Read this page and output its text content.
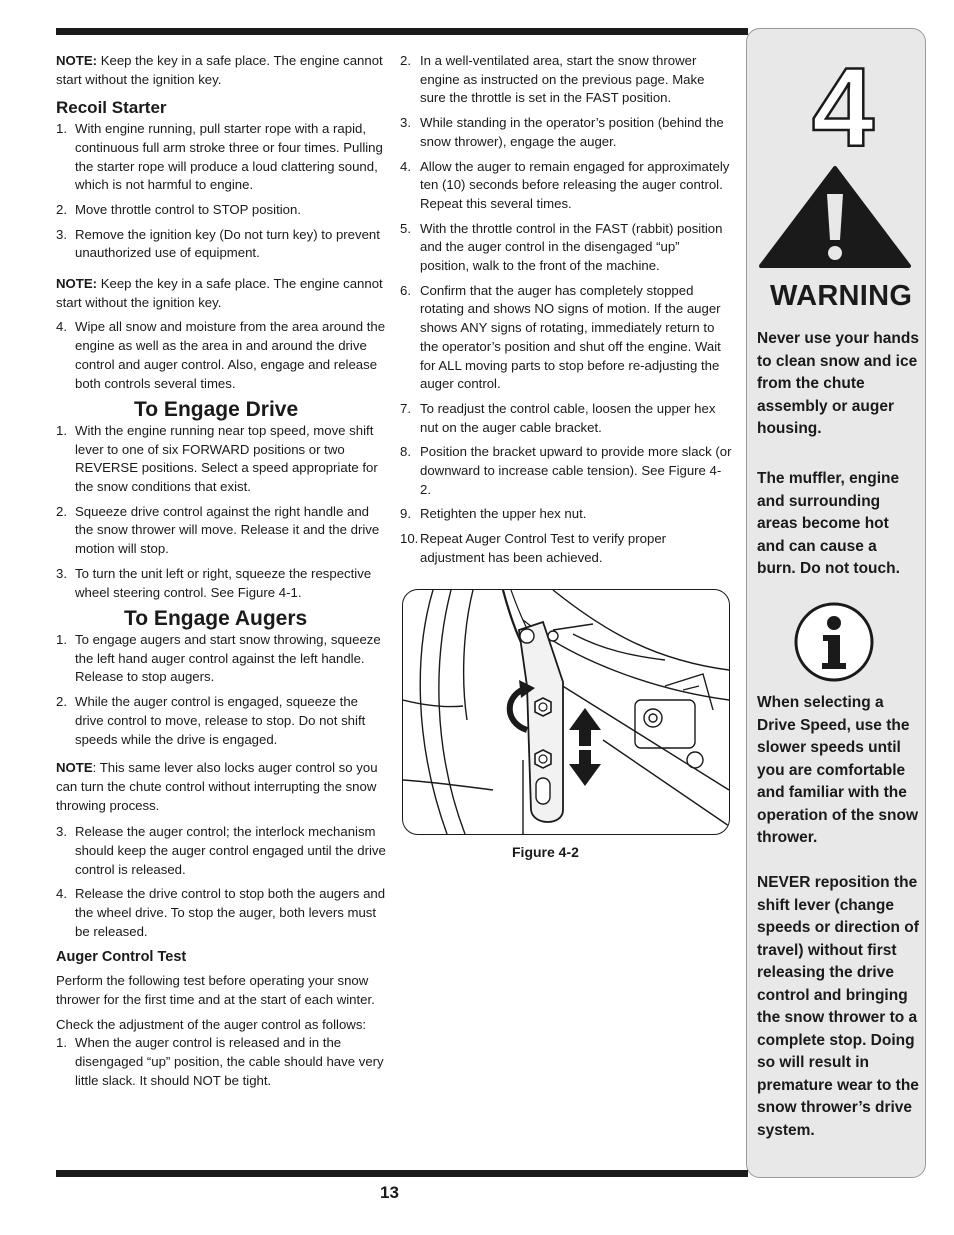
NOTE: Keep the key in a safe place. The engine cannot start without the ignition key.

Recoil Starter
1. With engine running, pull starter rope with a rapid, continuous full arm stroke three or four times. Pulling the starter rope will produce a loud clattering sound, which is not harmful to engine.
2. Move throttle control to STOP position.
3. Remove the ignition key (Do not turn key) to prevent unauthorized use of equipment.

NOTE: Keep the key in a safe place. The engine cannot start without the ignition key.

4. Wipe all snow and moisture from the area around the engine as well as the area in and around the drive control and auger control. Also, engage and release both controls several times.
To Engage Drive
1. With the engine running near top speed, move shift lever to one of six FORWARD positions or two REVERSE positions. Select a speed appropriate for the snow conditions that exist.
2. Squeeze drive control against the right handle and the snow thrower will move. Release it and the drive motion will stop.
3. To turn the unit left or right, squeeze the respective wheel steering control. See Figure 4-1.
To Engage Augers
1. To engage augers and start snow throwing, squeeze the left hand auger control against the left handle. Release to stop augers.
2. While the auger control is engaged, squeeze the drive control to move, release to stop. Do not shift speeds while the drive is engaged.

NOTE: This same lever also locks auger control so you can turn the chute control without interrupting the snow throwing process.

3. Release the auger control; the interlock mechanism should keep the auger control engaged until the drive control is released.
4. Release the drive control to stop both the augers and the wheel drive. To stop the auger, both levers must be released.
Auger Control Test

Perform the following test before operating your snow thrower for the first time and at the start of each winter.

Check the adjustment of the auger control as follows:

1. When the auger control is released and in the disengaged “up” position, the cable should have very little slack. It should NOT be tight.
2. In a well-ventilated area, start the snow thrower engine as instructed on the previous page. Make sure the throttle is set in the FAST position.
3. While standing in the operator’s position (behind the snow thrower), engage the auger.
4. Allow the auger to remain engaged for approximately ten (10) seconds before releasing the auger control. Repeat this several times.
5. With the throttle control in the FAST (rabbit) position and the auger control in the disengaged “up” position, walk to the front of the machine.
6. Confirm that the auger has completely stopped rotating and shows NO signs of motion. If the auger shows ANY signs of rotating, immediately return to the operator’s position and shut off the engine. Wait for ALL moving parts to stop before re-adjusting the auger control.
7. To readjust the control cable, loosen the upper hex nut on the auger cable bracket.
8. Position the bracket upward to provide more slack (or downward to increase cable tension). See Figure 4-2.
9. Retighten the upper hex nut.
10. Repeat Auger Control Test to verify proper adjustment has been achieved.
Figure 4-2
4
WARNING
Never use your hands to clean snow and ice from the chute assembly or auger housing.
The muffler, engine and surrounding areas become hot and can cause a burn. Do not touch.
When selecting a Drive Speed, use the slower speeds until you are comfortable and familiar with the operation of the snow thrower.
NEVER reposition the shift lever (change speeds or direction of travel) without first releasing the drive control and bringing the snow thrower to a complete stop. Doing so will result in premature wear to the snow thrower’s drive system.
13
